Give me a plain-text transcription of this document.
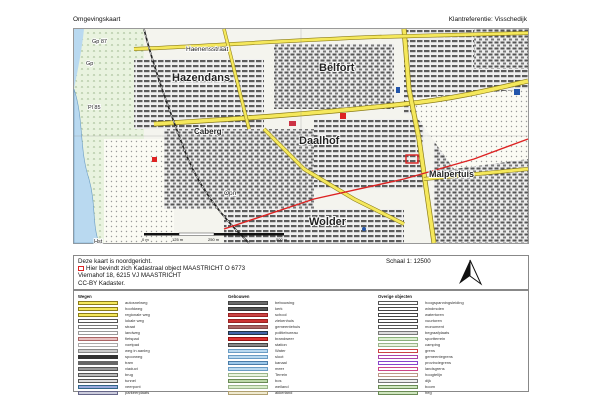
Omgevingskaart	Klantreferentie: Visschedijk
Hazendans
Belfort
Daalhof
Caberg
Malpertuis
Wolder
Haenensstraat
Gp 87
Gp
Pl 85
Opn
Hst	0 m	125 m	250 m	500 m
Deze kaart is noordgericht.
Hier bevindt zich Kadastraal object MAASTRICHT O 6773
Viernahof 18, 6215 VJ MAASTRICHT
CC-BY Kadaster.
Schaal 1: 12500
Wegen
autosnelweg
hoofdweg
regionale weg
lokale weg
straat
landweg
fietspad
voetpad
weg in aanleg
spoorweg
tram
viaduct
brug
tunnel
veerpont
parkeerplaats
Gebouwen
bebouwing
kerk
school
ziekenhuis
gemeentehuis
politiebureau
brandweer
station
Water
sloot
kanaal
meer
Terrein
bos
weiland
akkerland
Overige objecten
hoogspanningsleiding
windmolen
watertoren
vuurtoren
monument
begraafplaats
sportterrein
camping
grens
gemeentegrens
provinciegrens
landsgrens
hoogtelijn
dijk
boom
heg
